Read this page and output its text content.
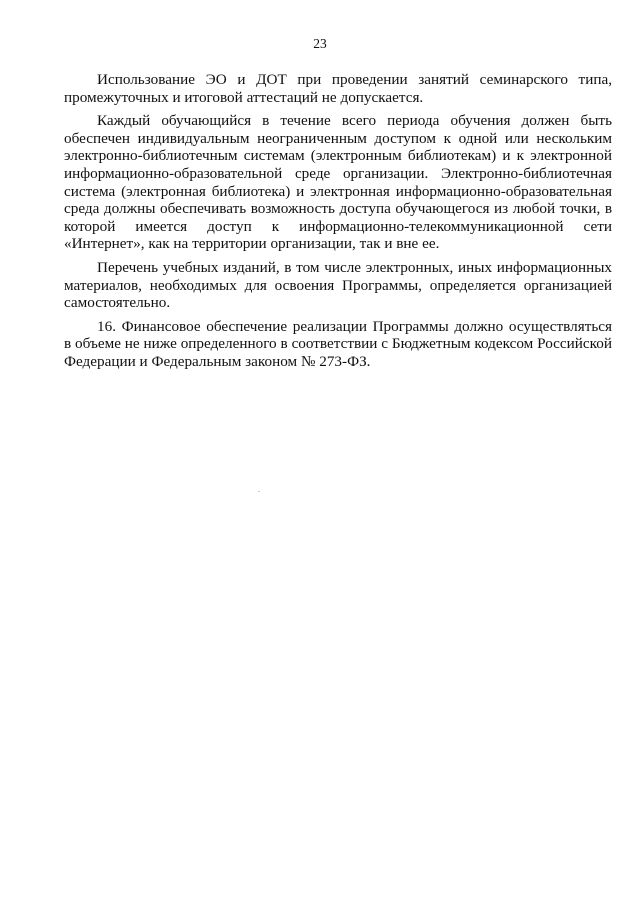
23

Использование ЭО и ДОТ при проведении занятий семинарского типа, промежуточных и итоговой аттестаций не допускается.

Каждый обучающийся в течение всего периода обучения должен быть обеспечен индивидуальным неограниченным доступом к одной или нескольким электронно-библиотечным системам (электронным библиотекам) и к электронной информационно-образовательной среде организации. Электронно-библиотечная система (электронная библиотека) и электронная информационно-образовательная среда должны обеспечивать возможность доступа обучающегося из любой точки, в которой имеется доступ к информационно-телекоммуникационной сети «Интернет», как на территории организации, так и вне ее.

Перечень учебных изданий, в том числе электронных, иных информационных материалов, необходимых для освоения Программы, определяется организацией самостоятельно.

16. Финансовое обеспечение реализации Программы должно осуществляться в объеме не ниже определенного в соответствии с Бюджетным кодексом Российской Федерации и Федеральным законом № 273-ФЗ.
